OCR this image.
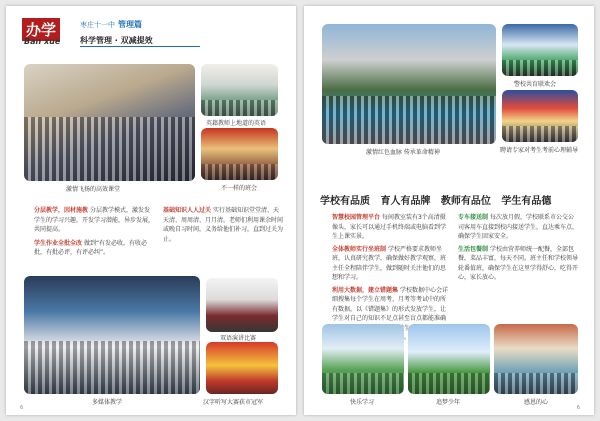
办学
Ban xue
枣庄十一中 管理篇
科学管理 · 双减提效
激情飞扬的高效课堂
英籍教师上地道的英语
不一样的班会
分层教学，因材施教 分层教学模式，激发发学生的学习兴趣，开发学习潜能，异步发展，共同提高。
学生作业全批全改 做到“有发必收，有收必批，有批必评，有评必纠”。
基础知识人人过关 实行基础知识堂堂清、天天清、周周清、月月清。老师们利用课余时间或晚自习时间，义务给他们补习，直到过关为止。
多媒体教学
双语演讲比赛
汉字听写大赛获市冠军
6
激情红色血脉 传承革命精神
警校共育联欢会
聘请专家对考生考前心理辅导
学校有品质 育人有品牌 教师有品位 学生有品德
智慧校园管理平台 每间教室装有3个高清摄像头，家长可以通过手机终端或电脑看到学生上课实景。
全体教师实行坐班制 学校严格要求教师坐班，认真研究教学，确保做好教学观察，班主任全程陪伴学生，做到随时关注他们的思想和学习。
利用大数据，建立错题集 学校数据中心会详细搜集每个学生在周考、月考等考试中的所有数据，以《错题集》的形式发放学生，让学生对自己的知识不足点甚至盲点都能准确 学生 绩。
专车接送制 每次放月假，学校联系市公交公司客用车直接到校内接送学生，直达乘车点，确保学生回家安全。
生活包餐制 学校由营养师统一配餐，全部包餐，菜品丰富，每天不同。班主任和学校领导轮番值班，确保学生在这里学得舒心，吃得开心，家长放心。
快乐学习	追梦少年	感恩的心
6
